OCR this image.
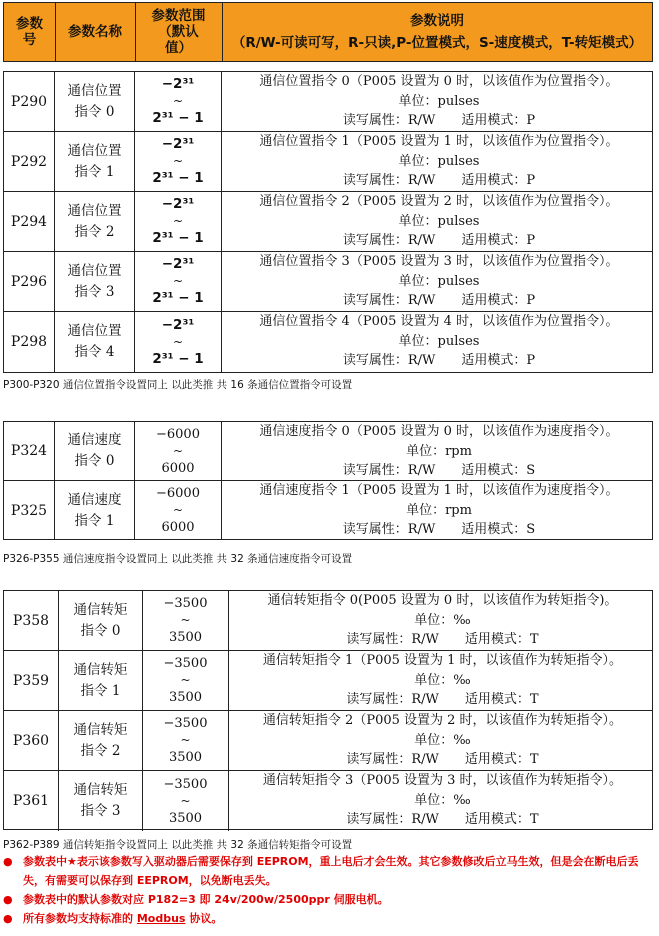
参数
号	参数名称
参数范围
（默认
值）
参数说明
（R/W-可读可写，R-只读,P-位置模式，S-速度模式，T-转矩模式）
P290
通信位置
指令 0
−2³¹
~
2³¹ − 1
通信位置指令 0（P005 设置为 0 时，以该值作为位置指令）。
单位：pulses
读写属性：R/W　　适用模式：P
P292
通信位置
指令 1
−2³¹
~
2³¹ − 1
通信位置指令 1（P005 设置为 1 时，以该值作为位置指令）。
单位：pulses
读写属性：R/W　　适用模式：P
P294
通信位置
指令 2
−2³¹
~
2³¹ − 1
通信位置指令 2（P005 设置为 2 时，以该值作为位置指令）。
单位：pulses
读写属性：R/W　　适用模式：P
P296
通信位置
指令 3
−2³¹
~
2³¹ − 1
通信位置指令 3（P005 设置为 3 时，以该值作为位置指令）。
单位：pulses
读写属性：R/W　　适用模式：P
P298
通信位置
指令 4
−2³¹
~
2³¹ − 1
通信位置指令 4（P005 设置为 4 时，以该值作为位置指令）。
单位：pulses
读写属性：R/W　　适用模式：P
P300-P320 通信位置指令设置同上 以此类推 共 16 条通信位置指令可设置
P324
通信速度
指令 0
−6000
~
6000
通信速度指令 0（P005 设置为 0 时，以该值作为速度指令）。
单位：rpm
读写属性：R/W　　适用模式：S
P325
通信速度
指令 1
−6000
~
6000
通信速度指令 1（P005 设置为 1 时，以该值作为速度指令）。
单位：rpm
读写属性：R/W　　适用模式：S
P326-P355 通信速度指令设置同上 以此类推 共 32 条通信速度指令可设置
P358
通信转矩
指令 0
−3500
~
3500
通信转矩指令 0(P005 设置为 0 时，以该值作为转矩指令)。
单位：‰
读写属性：R/W　　适用模式：T
P359
通信转矩
指令 1
−3500
~
3500
通信转矩指令 1（P005 设置为 1 时，以该值作为转矩指令）。
单位：‰
读写属性：R/W　　适用模式：T
P360
通信转矩
指令 2
−3500
~
3500
通信转矩指令 2（P005 设置为 2 时，以该值作为转矩指令）。
单位：‰
读写属性：R/W　　适用模式：T
P361
通信转矩
指令 3
−3500
~
3500
通信转矩指令 3（P005 设置为 3 时，以该值作为转矩指令）。
单位：‰
读写属性：R/W　　适用模式：T
P362-P389 通信转矩指令设置同上 以此类推 共 32 条通信转矩指令可设置
● 参数表中★表示该参数写入驱动器后需要保存到 EEPROM，重上电后才会生效。其它参数修改后立马生效，但是会在断电后丢失，有需要可以保存到 EEPROM，以免断电丢失。
● 参数表中的默认参数对应 P182=3 即 24v/200w/2500ppr 伺服电机。
● 所有参数均支持标准的 Modbus 协议。
